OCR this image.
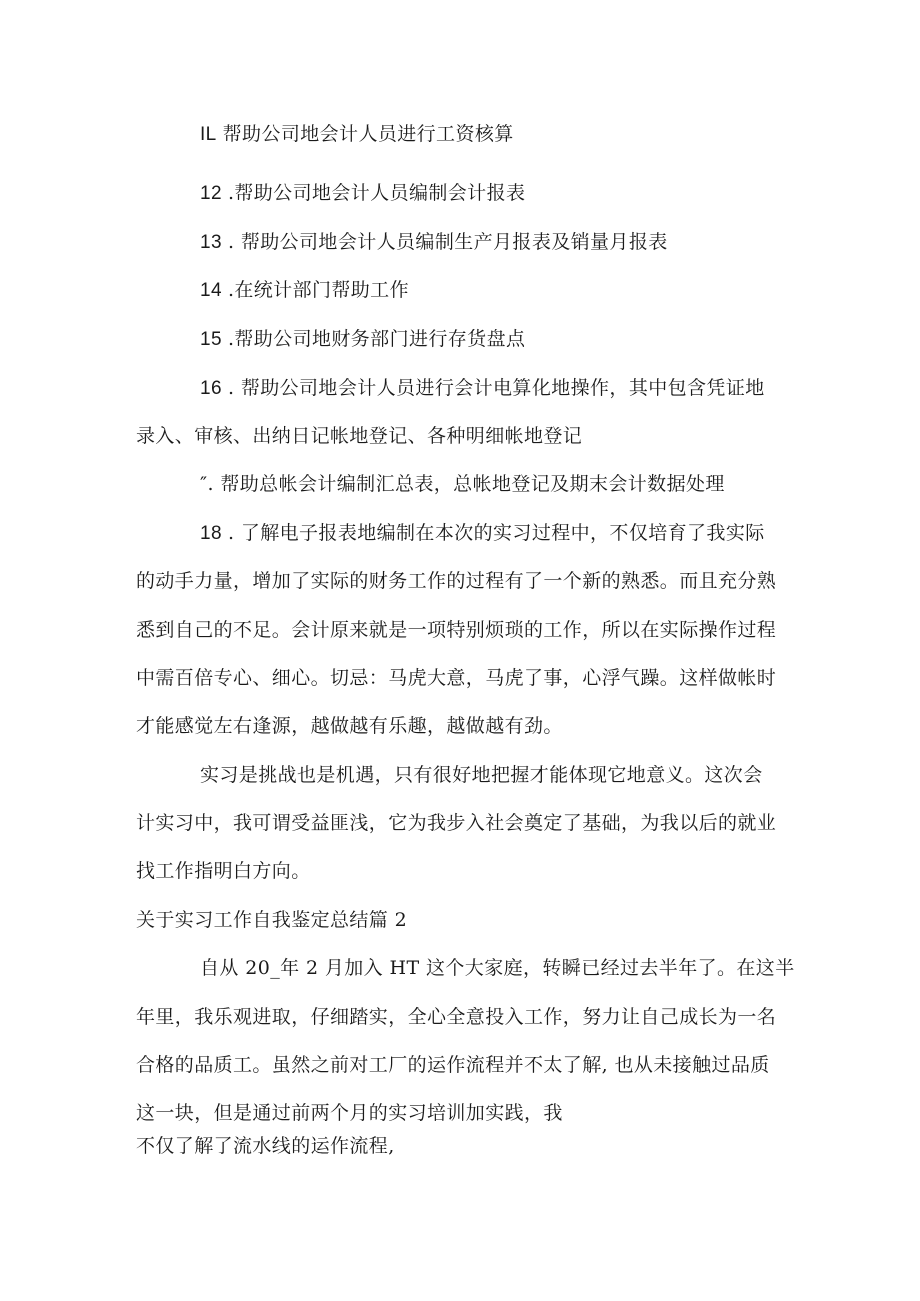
IL 帮助公司地会计人员进行工资核算
12 .帮助公司地会计人员编制会计报表
13 . 帮助公司地会计人员编制生产月报表及销量月报表
14 .在统计部门帮助工作
15 .帮助公司地财务部门进行存货盘点
16 . 帮助公司地会计人员进行会计电算化地操作，其中包含凭证地
录入、审核、出纳日记帐地登记、各种明细帐地登记
″. 帮助总帐会计编制汇总表，总帐地登记及期末会计数据处理
18 . 了解电子报表地编制在本次的实习过程中，不仅培育了我实际
的动手力量，增加了实际的财务工作的过程有了一个新的熟悉。而且充分熟
悉到自己的不足。会计原来就是一项特别烦琐的工作，所以在实际操作过程
中需百倍专心、细心。切忌：马虎大意，马虎了事，心浮气躁。这样做帐时
才能感觉左右逢源，越做越有乐趣，越做越有劲。
实习是挑战也是机遇，只有很好地把握才能体现它地意义。这次会
计实习中，我可谓受益匪浅，它为我步入社会奠定了基础，为我以后的就业
找工作指明白方向。
关于实习工作自我鉴定总结篇 2
自从 20_年 2 月加入 HT 这个大家庭，转瞬已经过去半年了。在这半
年里，我乐观进取，仔细踏实，全心全意投入工作，努力让自己成长为一名
合格的品质工。虽然之前对工厂的运作流程并不太了解, 也从未接触过品质
这一块，但是通过前两个月的实习培训加实践，我
不仅了解了流水线的运作流程,
